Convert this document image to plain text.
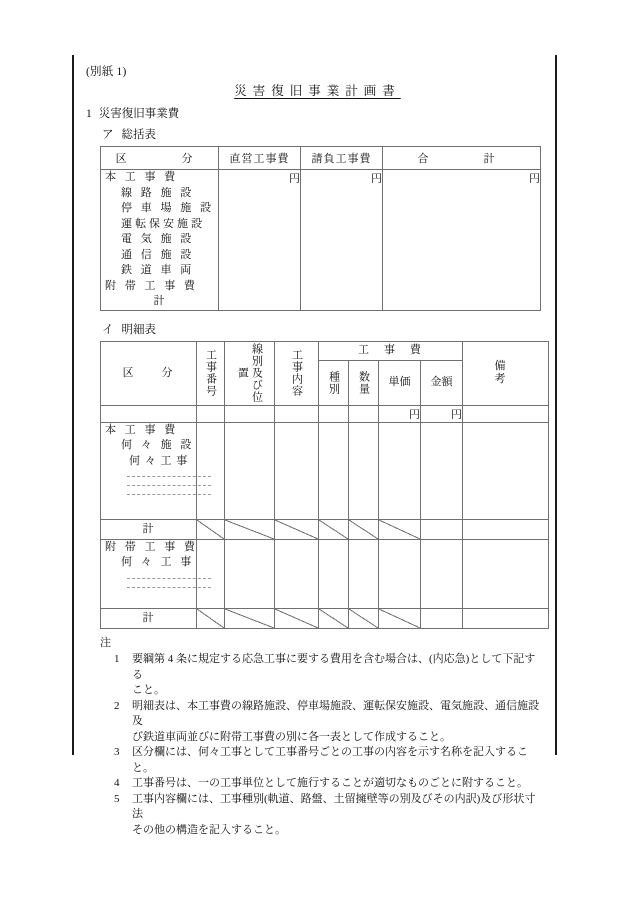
(別紙 1)
災害復旧事業計画書
1 災害復旧事業費
ア 総括表
区　　分	直営工事費	請負工事費	合　　計

本 工 事 費
線 路 施 設
停 車 場 施 設
運転保安施設
電 気 施 設
通 信 施 設
鉄 道 車 両
附 帯 工 事 費
計
	円	円	円
イ 明細表
区　　分	工事番号	線別及び位置	工事内容	工　事　費				備　　考

				種別	数量	単価	金額	
						円	円	

本 工 事 費
何 々 施 設
何 々 工 事								

計								

附 帯 工 事 費
何 々 工 事								

計								
注
1	要綱第 4 条に規定する応急工事に要する費用を含む場合は、(内応急)として下記する
こと。
2	明細表は、本工事費の線路施設、停車場施設、運転保安施設、電気施設、通信施設及
び鉄道車両並びに附帯工事費の別に各一表として作成すること。
3	区分欄には、何々工事として工事番号ごとの工事の内容を示す名称を記入すること。
4	工事番号は、一の工事単位として施行することが適切なものごとに附すること。
5	工事内容欄には、工事種別(軌道、路盤、土留擁壁等の別及びその内訳)及び形状寸法
その他の構造を記入すること。
